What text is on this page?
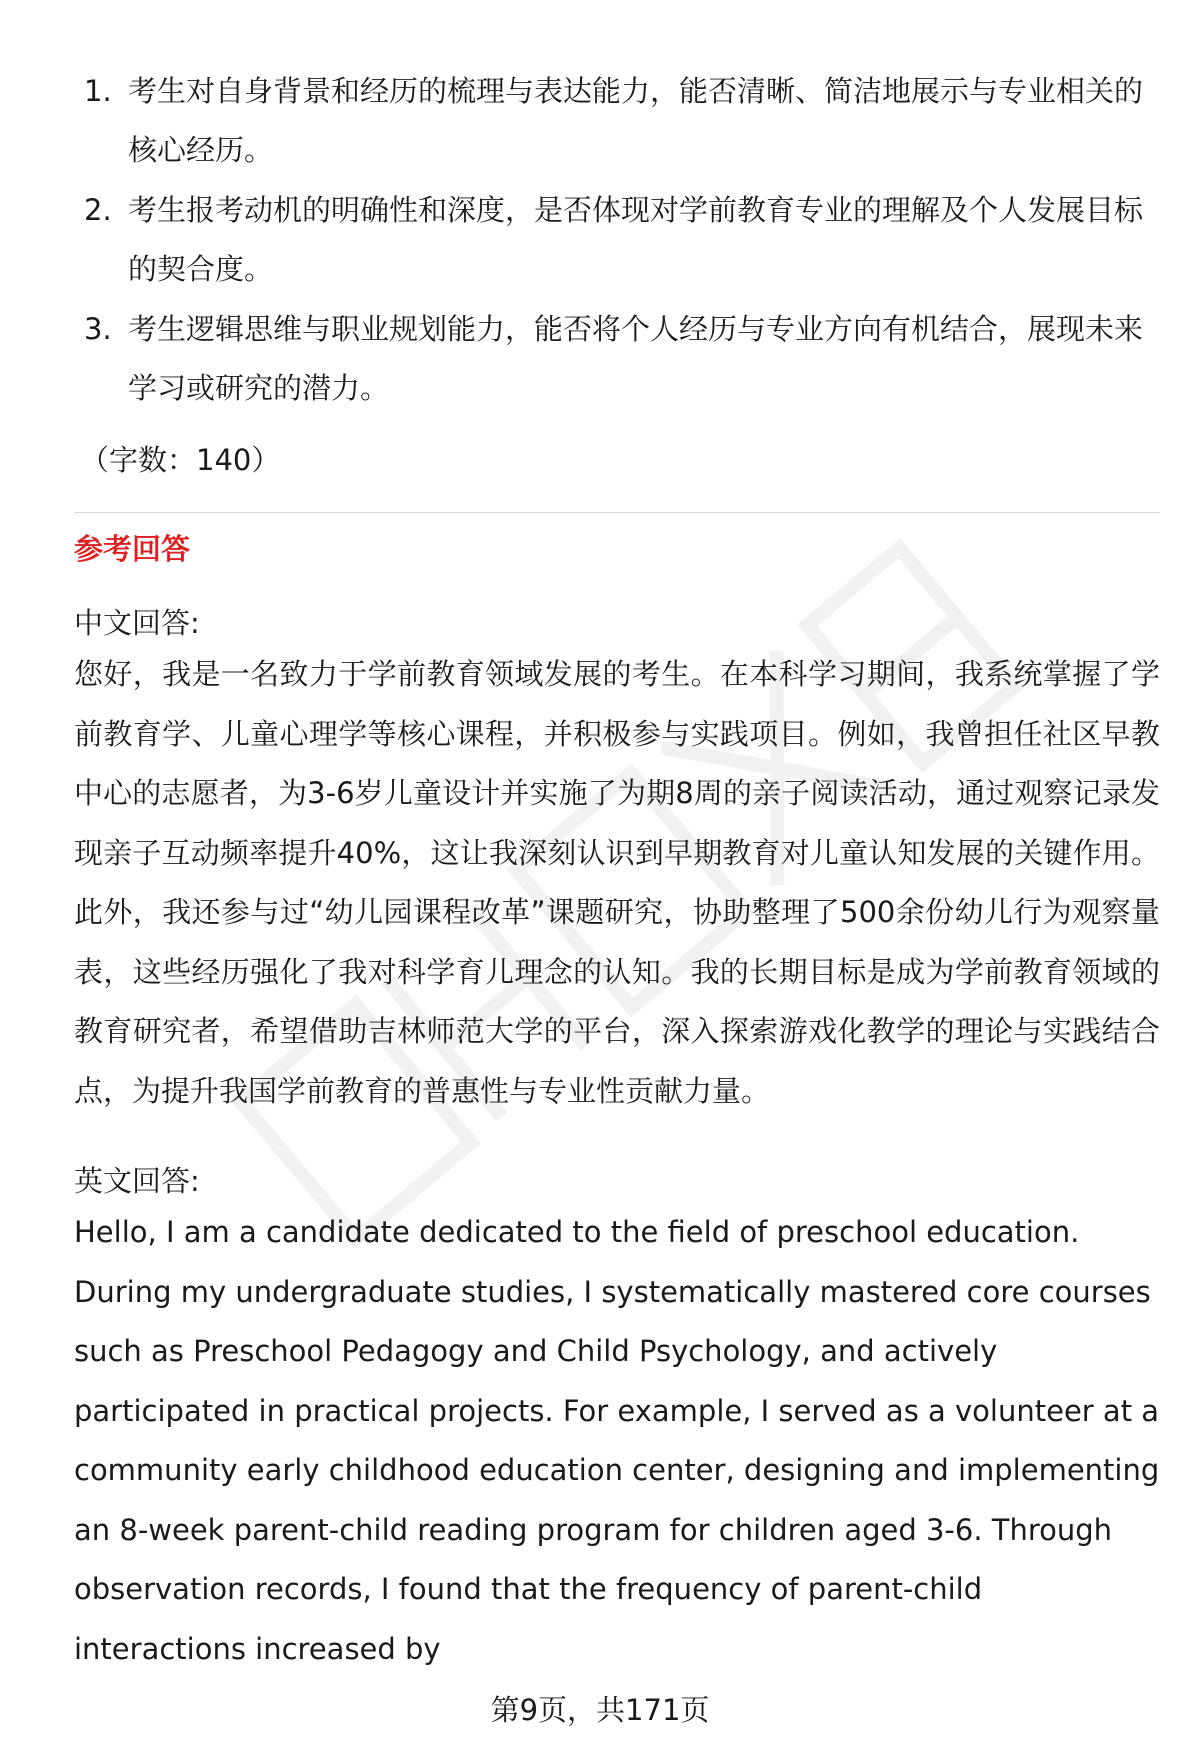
1. 考生对自身背景和经历的梳理与表达能力，能否清晰、简洁地展示与专业相关的核心经历。
2. 考生报考动机的明确性和深度，是否体现对学前教育专业的理解及个人发展目标的契合度。
3. 考生逻辑思维与职业规划能力，能否将个人经历与专业方向有机结合，展现未来学习或研究的潜力。
（字数：140）
参考回答
中文回答:
您好，我是一名致力于学前教育领域发展的考生。在本科学习期间，我系统掌握了学前教育学、儿童心理学等核心课程，并积极参与实践项目。例如，我曾担任社区早教中心的志愿者，为3-6岁儿童设计并实施了为期8周的亲子阅读活动，通过观察记录发现亲子互动频率提升40%，这让我深刻认识到早期教育对儿童认知发展的关键作用。此外，我还参与过“幼儿园课程改革”课题研究，协助整理了500余份幼儿行为观察量表，这些经历强化了我对科学育儿理念的认知。我的长期目标是成为学前教育领域的教育研究者，希望借助吉林师范大学的平台，深入探索游戏化教学的理论与实践结合点，为提升我国学前教育的普惠性与专业性贡献力量。
英文回答:
Hello, I am a candidate dedicated to the field of preschool education. During my undergraduate studies, I systematically mastered core courses such as Preschool Pedagogy and Child Psychology, and actively participated in practical projects. For example, I served as a volunteer at a community early childhood education center, designing and implementing an 8-week parent-child reading program for children aged 3-6. Through observation records, I found that the frequency of parent-child interactions increased by
第9页，共171页
